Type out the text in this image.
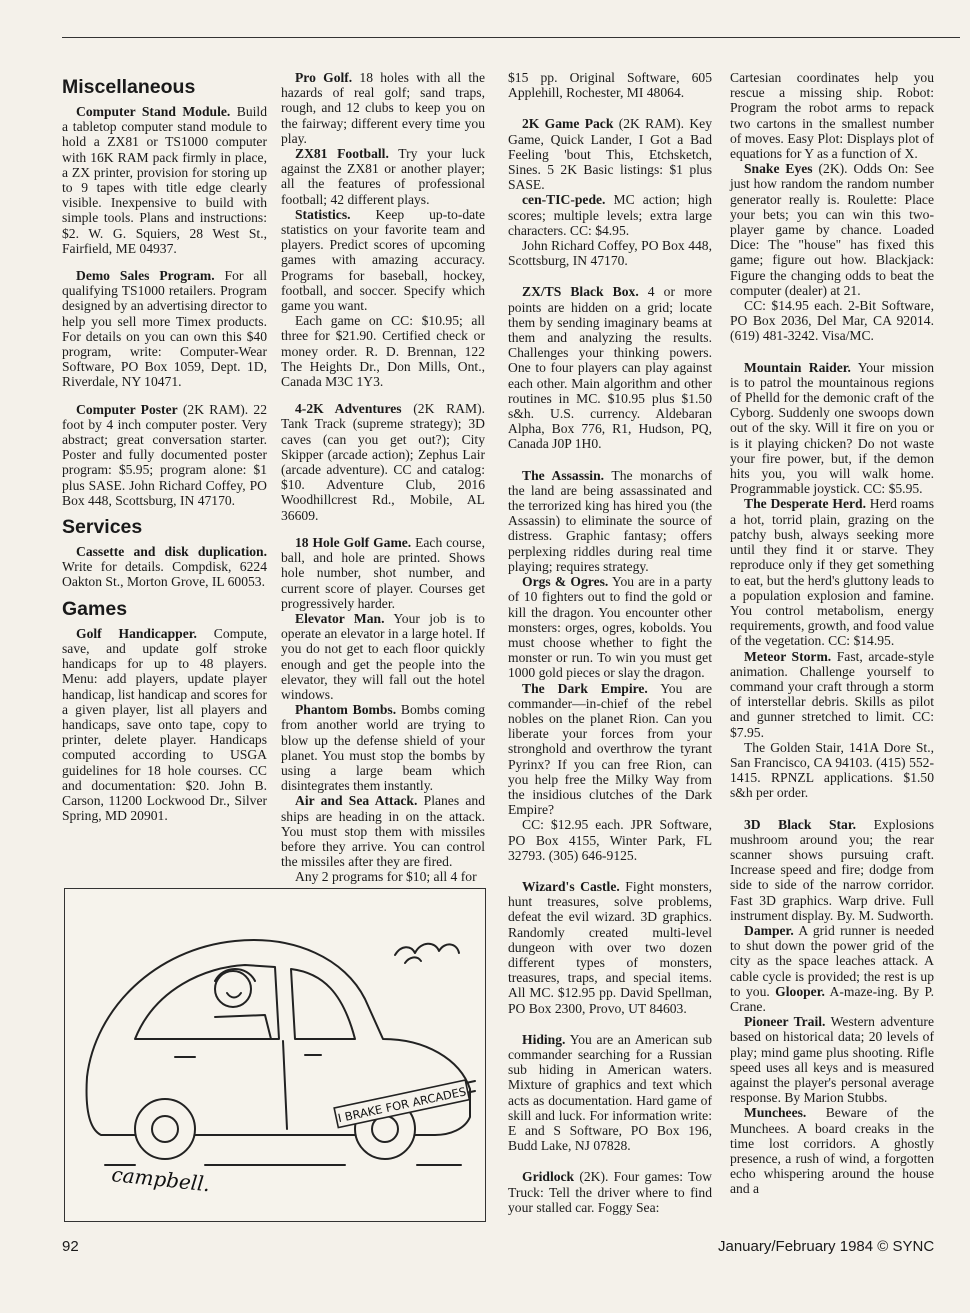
Miscellaneous

Computer Stand Module. Build a tabletop computer stand module to hold a ZX81 or TS1000 computer with 16K RAM pack firmly in place, a ZX printer, provision for storing up to 9 tapes with title edge clearly visible. Inexpensive to build with simple tools. Plans and instructions: $2. W. G. Squiers, 28 West St., Fairfield, ME 04937.

Demo Sales Program. For all qualifying TS1000 retailers. Program designed by an advertising director to help you sell more Timex products. For details on you can own this $40 program, write: Computer-Wear Software, PO Box 1059, Dept. 1D, Riverdale, NY 10471.

Computer Poster (2K RAM). 22 foot by 4 inch computer poster. Very abstract; great conversation starter. Poster and fully documented poster program: $5.95; program alone: $1 plus SASE. John Richard Coffey, PO Box 448, Scottsburg, IN 47170.

Services

Cassette and disk duplication. Write for details. Compdisk, 6224 Oakton St., Morton Grove, IL 60053.

Games

Golf Handicapper. Compute, save, and update golf stroke handicaps for up to 48 players. Menu: add players, update player handicap, list handicap and scores for a given player, list all players and handicaps, save onto tape, copy to printer, delete player. Handicaps computed according to USGA guidelines for 18 hole courses. CC and documentation: $20. John B. Carson, 11200 Lockwood Dr., Silver Spring, MD 20901.

Pro Golf. 18 holes with all the hazards of real golf; sand traps, rough, and 12 clubs to keep you on the fairway; different every time you play.

ZX81 Football. Try your luck against the ZX81 or another player; all the features of professional football; 42 different plays.

Statistics. Keep up-to-date statistics on your favorite team and players. Predict scores of upcoming games with amazing accuracy. Programs for baseball, hockey, football, and soccer. Specify which game you want.

Each game on CC: $10.95; all three for $21.90. Certified check or money order. R. D. Brennan, 122 The Heights Dr., Don Mills, Ont., Canada M3C 1Y3.

4-2K Adventures (2K RAM). Tank Track (supreme strategy); 3D caves (can you get out?); City Skipper (arcade action); Zephus Lair (arcade adventure). CC and catalog: $10. Adventure Club, 2016 Woodhillcrest Rd., Mobile, AL 36609.

18 Hole Golf Game. Each course, ball, and hole are printed. Shows hole number, shot number, and current score of player. Courses get progressively harder.

Elevator Man. Your job is to operate an elevator in a large hotel. If you do not get to each floor quickly enough and get the people into the elevator, they will fall out the hotel windows.

Phantom Bombs. Bombs coming from another world are trying to blow up the defense shield of your planet. You must stop the bombs by using a large beam which disintegrates them instantly.

Air and Sea Attack. Planes and ships are heading in on the attack. You must stop them with missiles before they arrive. You can control the missiles after they are fired.

Any 2 programs for $10; all 4 for

I BRAKE FOR ARCADES
campbell.

$15 pp. Original Software, 605 Applehill, Rochester, MI 48064.

2K Game Pack (2K RAM). Key Game, Quick Lander, I Got a Bad Feeling 'bout This, Etchsketch, Sines. 5 2K Basic listings: $1 plus SASE.

cen-TIC-pede. MC action; high scores; multiple levels; extra large characters. CC: $4.95.

John Richard Coffey, PO Box 448, Scottsburg, IN 47170.

ZX/TS Black Box. 4 or more points are hidden on a grid; locate them by sending imaginary beams at them and analyzing the results. Challenges your thinking powers. One to four players can play against each other. Main algorithm and other routines in MC. $10.95 plus $1.50 s&h. U.S. currency. Aldebaran Alpha, Box 776, R1, Hudson, PQ, Canada J0P 1H0.

The Assassin. The monarchs of the land are being assassinated and the terrorized king has hired you (the Assassin) to eliminate the source of distress. Graphic fantasy; offers perplexing riddles during real time playing; requires strategy.

Orgs & Ogres. You are in a party of 10 fighters out to find the gold or kill the dragon. You encounter other monsters: orges, ogres, kobolds. You must choose whether to fight the monster or run. To win you must get 1000 gold pieces or slay the dragon.

The Dark Empire. You are commander—in-chief of the rebel nobles on the planet Rion. Can you liberate your forces from your stronghold and overthrow the tyrant Pyrinx? If you can free Rion, can you help free the Milky Way from the insidious clutches of the Dark Empire?

CC: $12.95 each. JPR Software, PO Box 4155, Winter Park, FL 32793. (305) 646-9125.

Wizard's Castle. Fight monsters, hunt treasures, solve problems, defeat the evil wizard. 3D graphics. Randomly created multi-level dungeon with over two dozen different types of monsters, treasures, traps, and special items. All MC. $12.95 pp. David Spellman, PO Box 2300, Provo, UT 84603.

Hiding. You are an American sub commander searching for a Russian sub hiding in American waters. Mixture of graphics and text which acts as documentation. Hard game of skill and luck. For information write: E and S Software, PO Box 196, Budd Lake, NJ 07828.

Gridlock (2K). Four games: Tow Truck: Tell the driver where to find your stalled car. Foggy Sea:

Cartesian coordinates help you rescue a missing ship. Robot: Program the robot arms to repack two cartons in the smallest number of moves. Easy Plot: Displays plot of equations for Y as a function of X.

Snake Eyes (2K). Odds On: See just how random the random number generator really is. Roulette: Place your bets; you can win this two-player game by chance. Loaded Dice: The "house" has fixed this game; figure out how. Blackjack: Figure the changing odds to beat the computer (dealer) at 21.

CC: $14.95 each. 2-Bit Software, PO Box 2036, Del Mar, CA 92014. (619) 481-3242. Visa/MC.

Mountain Raider. Your mission is to patrol the mountainous regions of Phelld for the demonic craft of the Cyborg. Suddenly one swoops down out of the sky. Will it fire on you or is it playing chicken? Do not waste your fire power, but, if the demon hits you, you will walk home. Programmable joystick. CC: $5.95.

The Desperate Herd. Herd roams a hot, torrid plain, grazing on the patchy bush, always seeking more until they find it or starve. They reproduce only if they get something to eat, but the herd's gluttony leads to a population explosion and famine. You control metabolism, energy requirements, growth, and food value of the vegetation. CC: $14.95.

Meteor Storm. Fast, arcade-style animation. Challenge yourself to command your craft through a storm of interstellar debris. Skills as pilot and gunner stretched to limit. CC: $7.95.

The Golden Stair, 141A Dore St., San Francisco, CA 94103. (415) 552-1415. RPNZL applications. $1.50 s&h per order.

3D Black Star. Explosions mushroom around you; the rear scanner shows pursuing craft. Increase speed and fire; dodge from side to side of the narrow corridor. Fast 3D graphics. Warp drive. Full instrument display. By. M. Sudworth.

Damper. A grid runner is needed to shut down the power grid of the city as the space leaches attack. A cable cycle is provided; the rest is up to you. Glooper. A-maze-ing. By P. Crane.

Pioneer Trail. Western adventure based on historical data; 20 levels of play; mind game plus shooting. Rifle speed uses all keys and is measured against the player's personal average response. By Marion Stubbs.

Munchees. Beware of the Munchees. A board creaks in the time lost corridors. A ghostly presence, a rush of wind, a forgotten echo whispering around the house and a

92	January/February 1984 © SYNC
